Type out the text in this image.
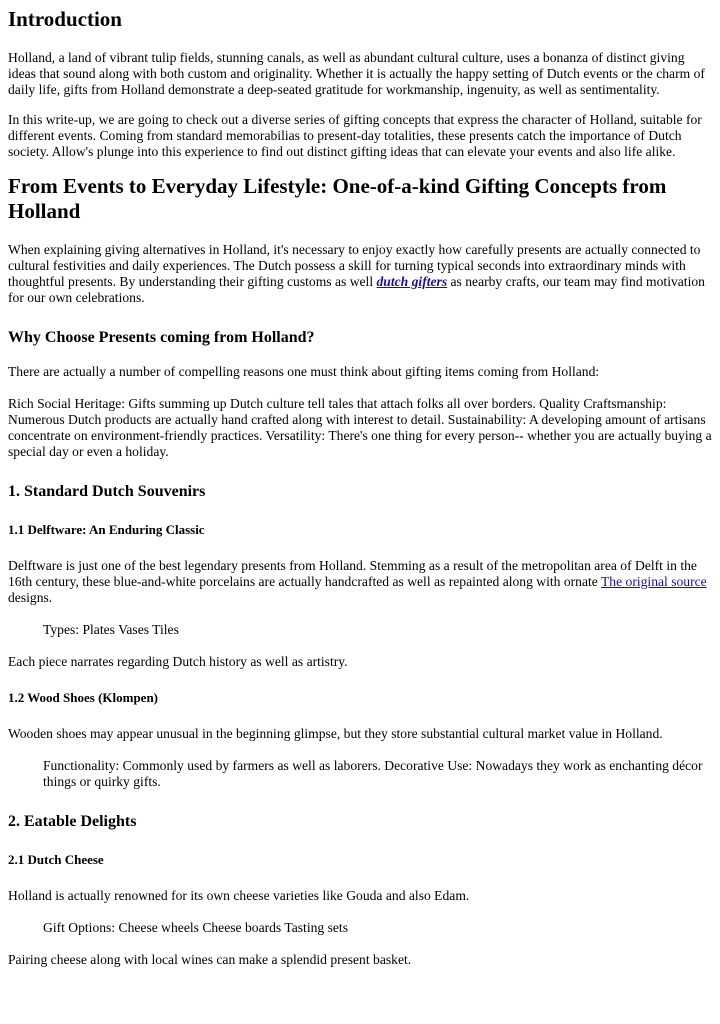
Introduction

Holland, a land of vibrant tulip fields, stunning canals, as well as abundant cultural culture, uses a bonanza of distinct giving ideas that sound along with both custom and originality. Whether it is actually the happy setting of Dutch events or the charm of daily life, gifts from Holland demonstrate a deep-seated gratitude for workmanship, ingenuity, as well as sentimentality.

In this write-up, we are going to check out a diverse series of gifting concepts that express the character of Holland, suitable for different events. Coming from standard memorabilias to present-day totalities, these presents catch the importance of Dutch society. Allow's plunge into this experience to find out distinct gifting ideas that can elevate your events and also life alike.

From Events to Everyday Lifestyle: One-of-a-kind Gifting Concepts from Holland

When explaining giving alternatives in Holland, it's necessary to enjoy exactly how carefully presents are actually connected to cultural festivities and daily experiences. The Dutch possess a skill for turning typical seconds into extraordinary minds with thoughtful presents. By understanding their gifting customs as well dutch gifters as nearby crafts, our team may find motivation for our own celebrations.

Why Choose Presents coming from Holland?

There are actually a number of compelling reasons one must think about gifting items coming from Holland:

Rich Social Heritage: Gifts summing up Dutch culture tell tales that attach folks all over borders. Quality Craftsmanship: Numerous Dutch products are actually hand crafted along with interest to detail. Sustainability: A developing amount of artisans concentrate on environment-friendly practices. Versatility: There's one thing for every person-- whether you are actually buying a special day or even a holiday.

1. Standard Dutch Souvenirs
1.1 Delftware: An Enduring Classic

Delftware is just one of the best legendary presents from Holland. Stemming as a result of the metropolitan area of Delft in the 16th century, these blue-and-white porcelains are actually handcrafted as well as repainted along with ornate The original source designs.

Types: Plates Vases Tiles

Each piece narrates regarding Dutch history as well as artistry.

1.2 Wood Shoes (Klompen)

Wooden shoes may appear unusual in the beginning glimpse, but they store substantial cultural market value in Holland.

Functionality: Commonly used by farmers as well as laborers. Decorative Use: Nowadays they work as enchanting décor things or quirky gifts.

2. Eatable Delights
2.1 Dutch Cheese

Holland is actually renowned for its own cheese varieties like Gouda and also Edam.

Gift Options: Cheese wheels Cheese boards Tasting sets

Pairing cheese along with local wines can make a splendid present basket.
